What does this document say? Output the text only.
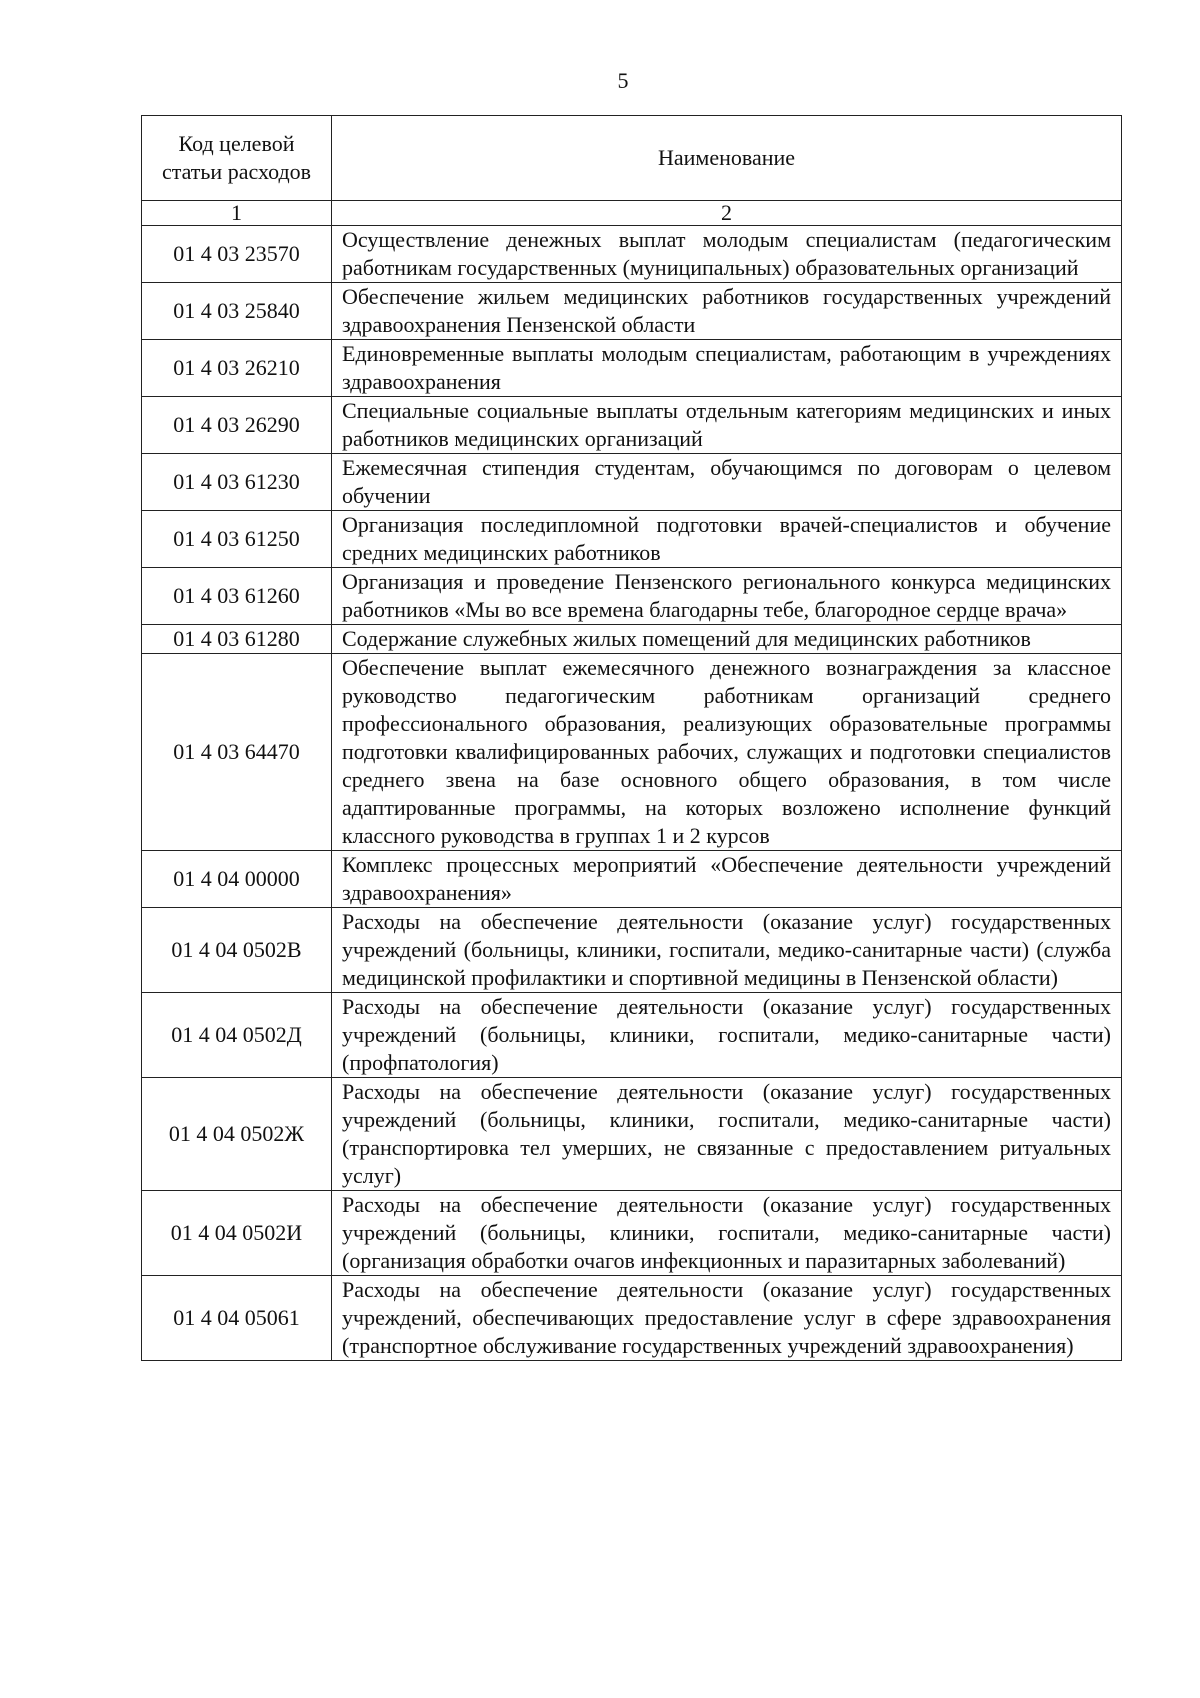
5
Код целевой статьи расходов	Наименование
1	2
01 4 03 23570	Осуществление денежных выплат молодым специалистам (педагогическим работникам государственных (муниципальных) образовательных организаций
01 4 03 25840	Обеспечение жильем медицинских работников государственных учреждений здравоохранения Пензенской области
01 4 03 26210	Единовременные выплаты молодым специалистам, работающим в учреждениях здравоохранения
01 4 03 26290	Специальные социальные выплаты отдельным категориям медицинских и иных работников медицинских организаций
01 4 03 61230	Ежемесячная стипендия студентам, обучающимся по договорам о целевом обучении
01 4 03 61250	Организация последипломной подготовки врачей-специалистов и обучение средних медицинских работников
01 4 03 61260	Организация и проведение Пензенского регионального конкурса медицинских работников «Мы во все времена благодарны тебе, благородное сердце врача»
01 4 03 61280	Содержание служебных жилых помещений для медицинских работников
01 4 03 64470	Обеспечение выплат ежемесячного денежного вознаграждения за классное руководство педагогическим работникам организаций среднего профессионального образования, реализующих образовательные программы подготовки квалифицированных рабочих, служащих и подготовки специалистов среднего звена на базе основного общего образования, в том числе адаптированные программы, на которых возложено исполнение функций классного руководства в группах 1 и 2 курсов
01 4 04 00000	Комплекс процессных мероприятий «Обеспечение деятельности учреждений здравоохранения»
01 4 04 0502В	Расходы на обеспечение деятельности (оказание услуг) государственных учреждений (больницы, клиники, госпитали, медико-санитарные части) (служба медицинской профилактики и спортивной медицины в Пензенской области)
01 4 04 0502Д	Расходы на обеспечение деятельности (оказание услуг) государственных учреждений (больницы, клиники, госпитали, медико-санитарные части) (профпатология)
01 4 04 0502Ж	Расходы на обеспечение деятельности (оказание услуг) государственных учреждений (больницы, клиники, госпитали, медико-санитарные части) (транспортировка тел умерших, не связанные с предоставлением ритуальных услуг)
01 4 04 0502И	Расходы на обеспечение деятельности (оказание услуг) государственных учреждений (больницы, клиники, госпитали, медико-санитарные части) (организация обработки очагов инфекционных и паразитарных заболеваний)
01 4 04 05061	Расходы на обеспечение деятельности (оказание услуг) государственных учреждений, обеспечивающих предоставление услуг в сфере здравоохранения (транспортное обслуживание государственных учреждений здравоохранения)
